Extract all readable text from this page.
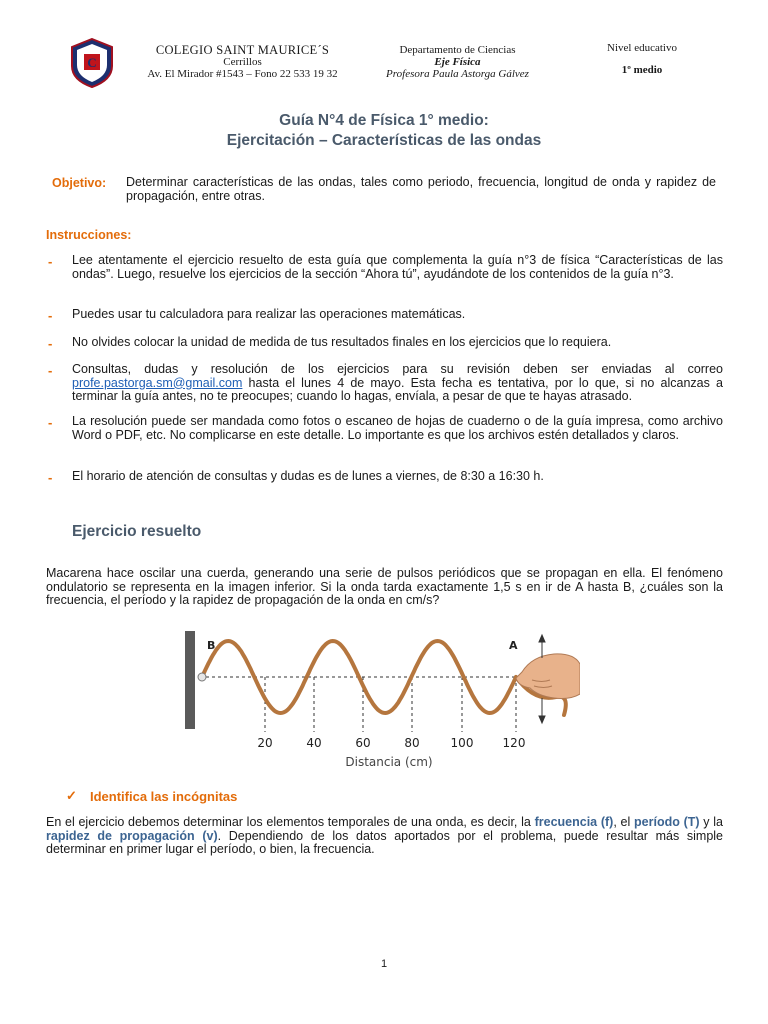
C
COLEGIO SAINT MAURICE´S
Cerrillos
Av. El Mirador #1543 – Fono 22 533 19 32
Departamento de Ciencias
Eje Física
Profesora Paula Astorga Gálvez
Nivel educativo
1º medio
Guía N°4 de Física 1° medio:
Ejercitación – Características de las ondas
Objetivo: Determinar características de las ondas, tales como periodo, frecuencia, longitud de onda y rapidez de propagación, entre otras.
Instrucciones:
- Lee atentamente el ejercicio resuelto de esta guía que complementa la guía n°3 de física “Características de las ondas”. Luego, resuelve los ejercicios de la sección “Ahora tú”, ayudándote de los contenidos de la guía n°3.
- Puedes usar tu calculadora para realizar las operaciones matemáticas.
- No olvides colocar la unidad de medida de tus resultados finales en los ejercicios que lo requiera.
- Consultas, dudas y resolución de los ejercicios para su revisión deben ser enviadas al correo profe.pastorga.sm@gmail.com hasta el lunes 4 de mayo. Esta fecha es tentativa, por lo que, si no alcanzas a terminar la guía antes, no te preocupes; cuando lo hagas, envíala, a pesar de que te hayas atrasado.
- La resolución puede ser mandada como fotos o escaneo de hojas de cuaderno o de la guía impresa, como archivo Word o PDF, etc. No complicarse en este detalle. Lo importante es que los archivos estén detallados y claros.
- El horario de atención de consultas y dudas es de lunes a viernes, de 8:30 a 16:30 h.
Ejercicio resuelto
Macarena hace oscilar una cuerda, generando una serie de pulsos periódicos que se propagan en ella. El fenómeno ondulatorio se representa en la imagen inferior. Si la onda tarda exactamente 1,5 s en ir de A hasta B, ¿cuáles son la frecuencia, el período y la rapidez de propagación de la onda en cm/s?
B	A
20	40	60	80	100 120
Distancia (cm)
✓ Identifica las incógnitas
En el ejercicio debemos determinar los elementos temporales de una onda, es decir, la frecuencia (f), el período (T) y la rapidez de propagación (v). Dependiendo de los datos aportados por el problema, puede resultar más simple determinar en primer lugar el período, o bien, la frecuencia.
1
